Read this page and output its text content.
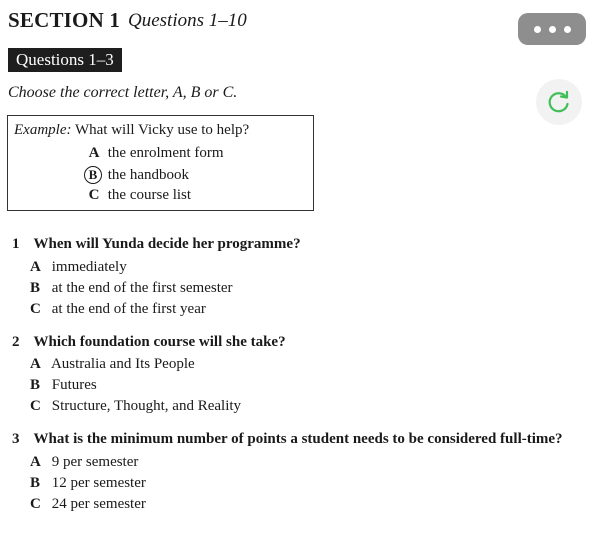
SECTION 1 Questions 1–10
Questions 1–3
Choose the correct letter, A, B or C.
Example: What will Vicky use to help?
A the enrolment form
B the handbook
C the course list
1 When will Yunda decide her programme?
A immediately
B at the end of the first semester
C at the end of the first year
2 Which foundation course will she take?
A Australia and Its People
B Futures
C Structure, Thought, and Reality
3 What is the minimum number of points a student needs to be considered full-time?
A 9 per semester
B 12 per semester
C 24 per semester
